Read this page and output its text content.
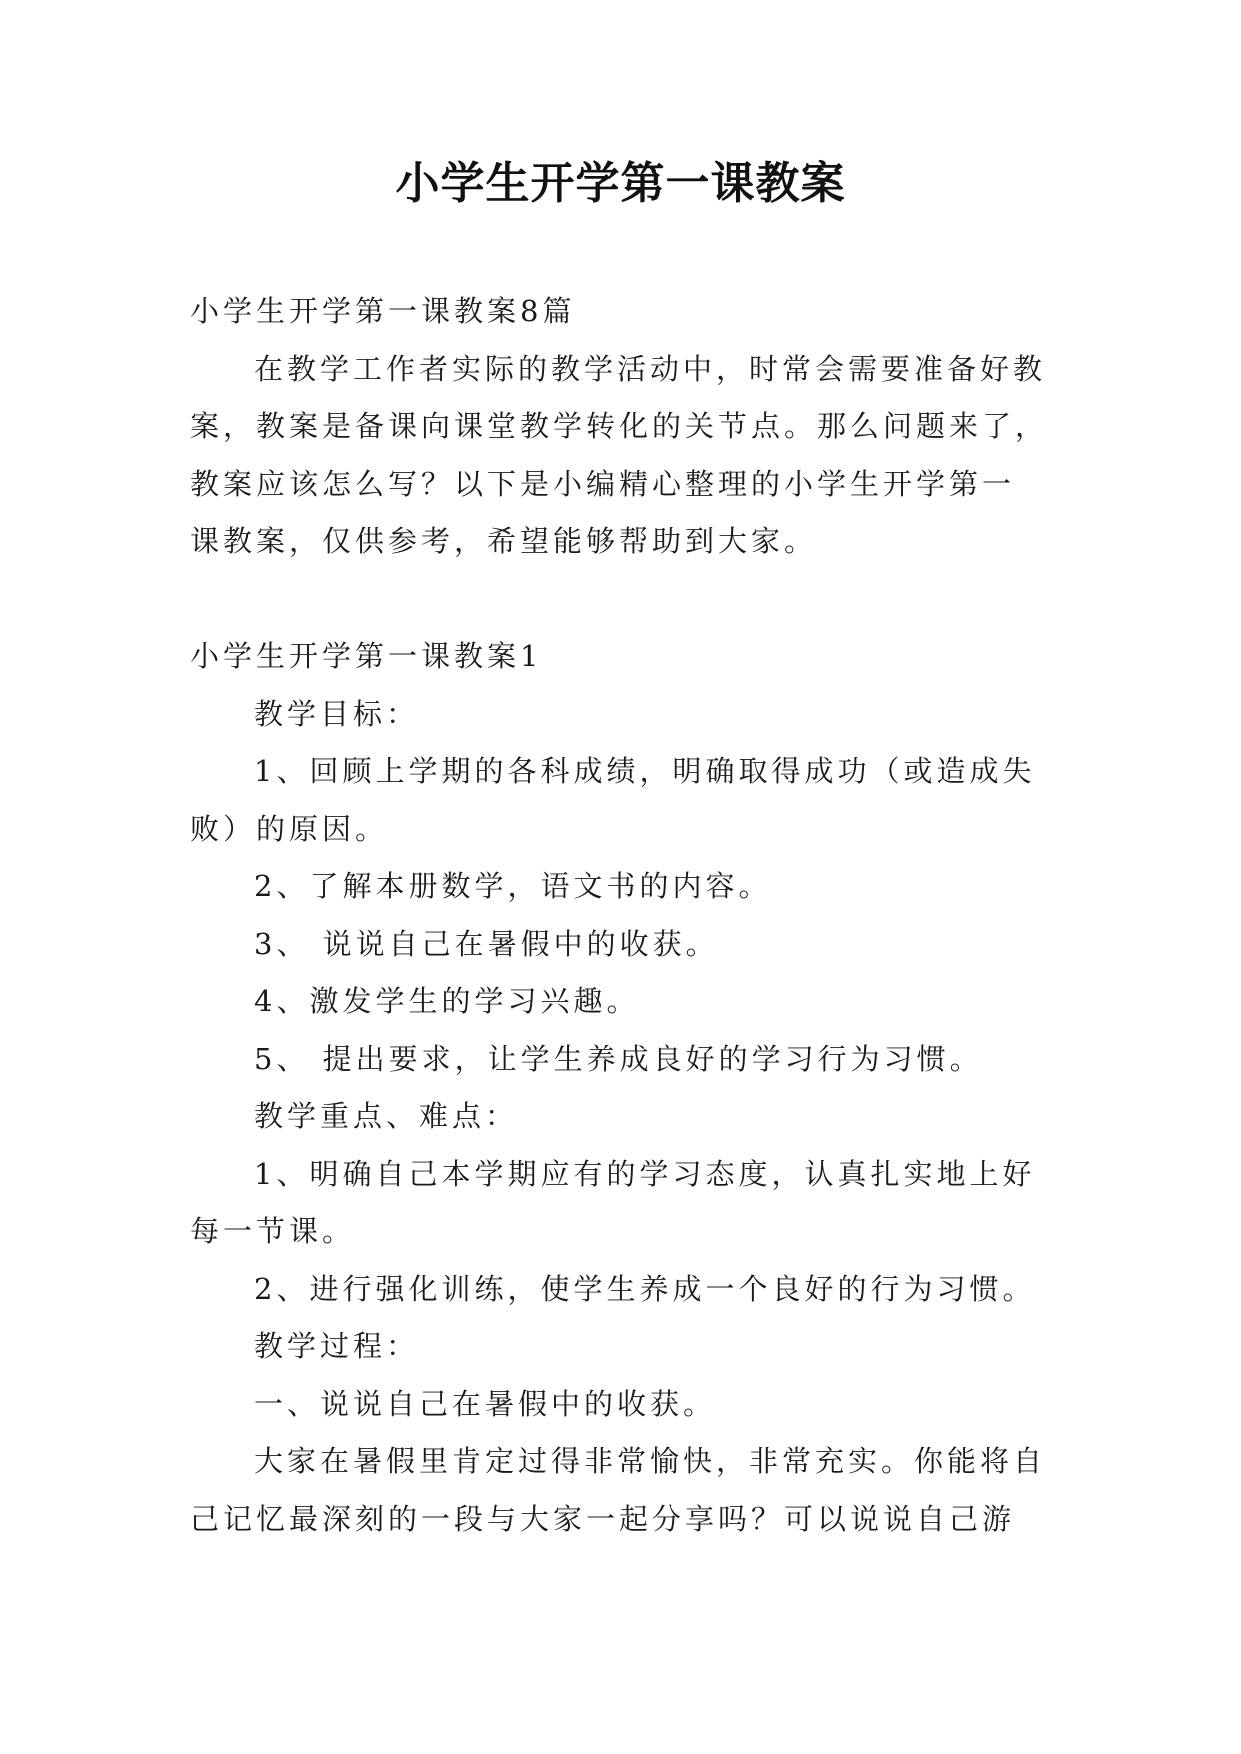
小学生开学第一课教案

小学生开学第一课教案8篇

在教学工作者实际的教学活动中，时常会需要准备好教

案，教案是备课向课堂教学转化的关节点。那么问题来了，

教案应该怎么写？以下是小编精心整理的小学生开学第一

课教案，仅供参考，希望能够帮助到大家。

小学生开学第一课教案1

教学目标：

1、回顾上学期的各科成绩，明确取得成功（或造成失

败）的原因。

2、了解本册数学，语文书的内容。

3、 说说自己在暑假中的收获。

4、激发学生的学习兴趣。

5、 提出要求，让学生养成良好的学习行为习惯。

教学重点、难点：

1、明确自己本学期应有的学习态度，认真扎实地上好

每一节课。

2、进行强化训练，使学生养成一个良好的行为习惯。

教学过程：

一、说说自己在暑假中的收获。

大家在暑假里肯定过得非常愉快，非常充实。你能将自

己记忆最深刻的一段与大家一起分享吗？可以说说自己游
